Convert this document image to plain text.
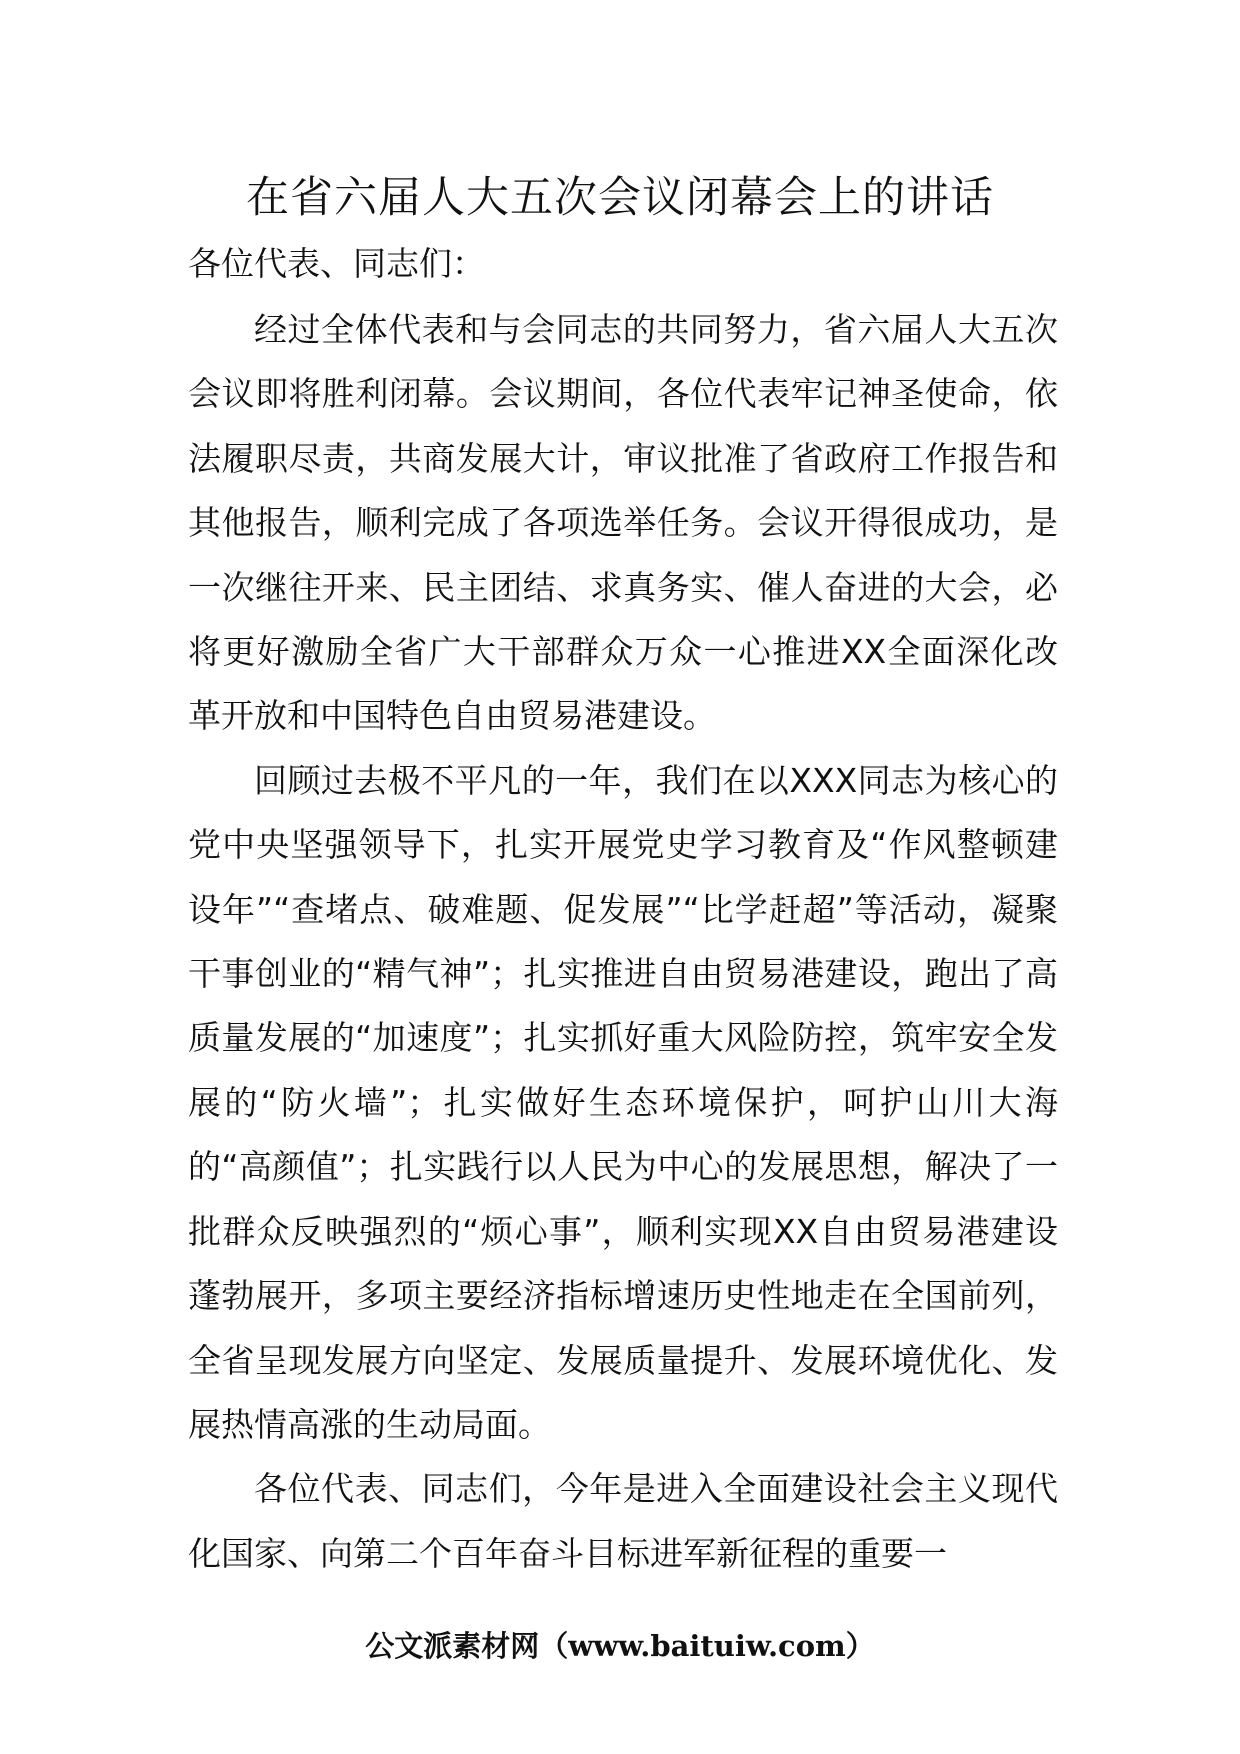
在省六届人大五次会议闭幕会上的讲话
各位代表、同志们：

经过全体代表和与会同志的共同努力，省六届人大五次会议即将胜利闭幕。会议期间，各位代表牢记神圣使命，依法履职尽责，共商发展大计，审议批准了省政府工作报告和其他报告，顺利完成了各项选举任务。会议开得很成功，是一次继往开来、民主团结、求真务实、催人奋进的大会，必将更好激励全省广大干部群众万众一心推进XX全面深化改革开放和中国特色自由贸易港建设。

回顾过去极不平凡的一年，我们在以XXX同志为核心的党中央坚强领导下，扎实开展党史学习教育及“作风整顿建设年”“查堵点、破难题、促发展”“比学赶超”等活动，凝聚干事创业的“精气神”；扎实推进自由贸易港建设，跑出了高质量发展的“加速度”；扎实抓好重大风险防控，筑牢安全发展的“防火墙”；扎实做好生态环境保护，呵护山川大海的“高颜值”；扎实践行以人民为中心的发展思想，解决了一批群众反映强烈的“烦心事”，顺利实现XX自由贸易港建设蓬勃展开，多项主要经济指标增速历史性地走在全国前列，全省呈现发展方向坚定、发展质量提升、发展环境优化、发展热情高涨的生动局面。

各位代表、同志们，今年是进入全面建设社会主义现代化国家、向第二个百年奋斗目标进军新征程的重要一

公文派素材网（www.baituiw.com）
